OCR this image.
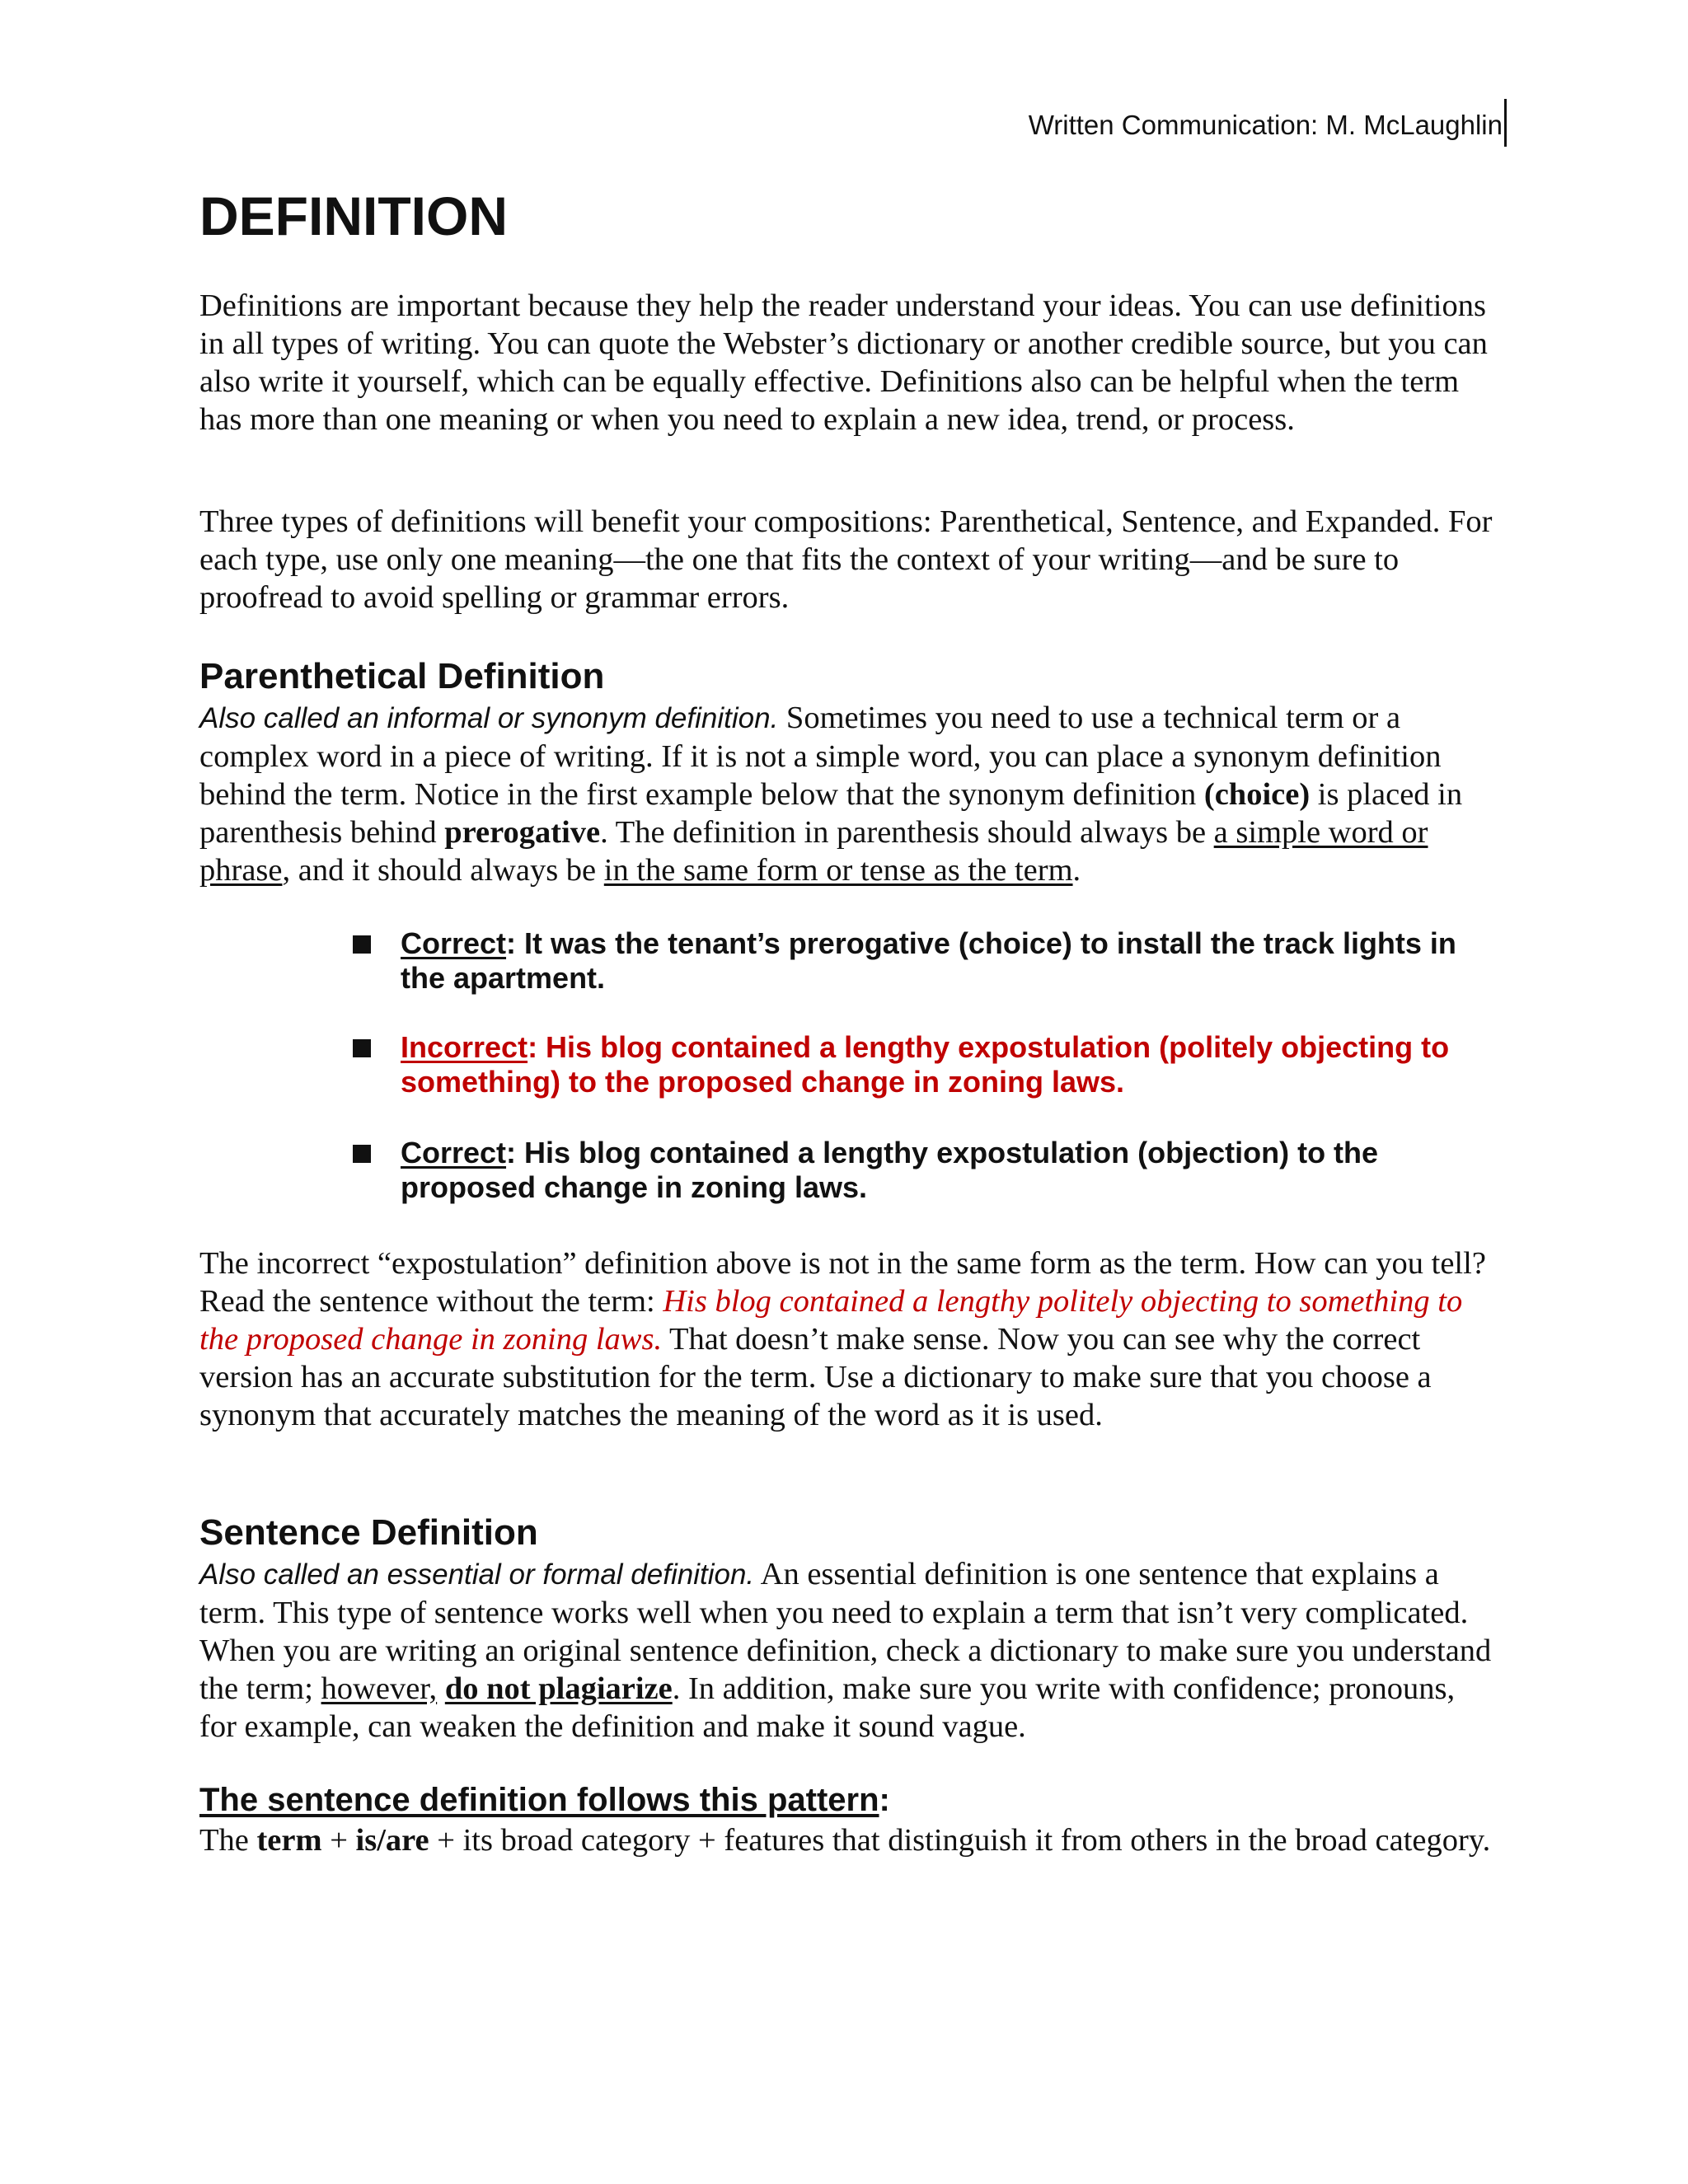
Written Communication: M. McLaughlin
DEFINITION

Definitions are important because they help the reader understand your ideas. You can use definitions in all types of writing. You can quote the Webster’s dictionary or another credible source, but you can also write it yourself, which can be equally effective. Definitions also can be helpful when the term has more than one meaning or when you need to explain a new idea, trend, or process.

Three types of definitions will benefit your compositions: Parenthetical, Sentence, and Expanded. For each type, use only one meaning—the one that fits the context of your writing—and be sure to proofread to avoid spelling or grammar errors.

Parenthetical Definition

Also called an informal or synonym definition. Sometimes you need to use a technical term or a complex word in a piece of writing. If it is not a simple word, you can place a synonym definition behind the term. Notice in the first example below that the synonym definition (choice) is placed in parenthesis behind prerogative. The definition in parenthesis should always be a simple word or phrase, and it should always be in the same form or tense as the term.

Correct: It was the tenant’s prerogative (choice) to install the track lights in the apartment.

Incorrect: His blog contained a lengthy expostulation (politely objecting to something) to the proposed change in zoning laws.

Correct: His blog contained a lengthy expostulation (objection) to the proposed change in zoning laws.

The incorrect “expostulation” definition above is not in the same form as the term. How can you tell? Read the sentence without the term: His blog contained a lengthy politely objecting to something to the proposed change in zoning laws. That doesn’t make sense. Now you can see why the correct version has an accurate substitution for the term. Use a dictionary to make sure that you choose a synonym that accurately matches the meaning of the word as it is used.

Sentence Definition

Also called an essential or formal definition. An essential definition is one sentence that explains a term. This type of sentence works well when you need to explain a term that isn’t very complicated. When you are writing an original sentence definition, check a dictionary to make sure you understand the term; however, do not plagiarize. In addition, make sure you write with confidence; pronouns, for example, can weaken the definition and make it sound vague.

The sentence definition follows this pattern:

The term + is/are + its broad category + features that distinguish it from others in the broad category.
